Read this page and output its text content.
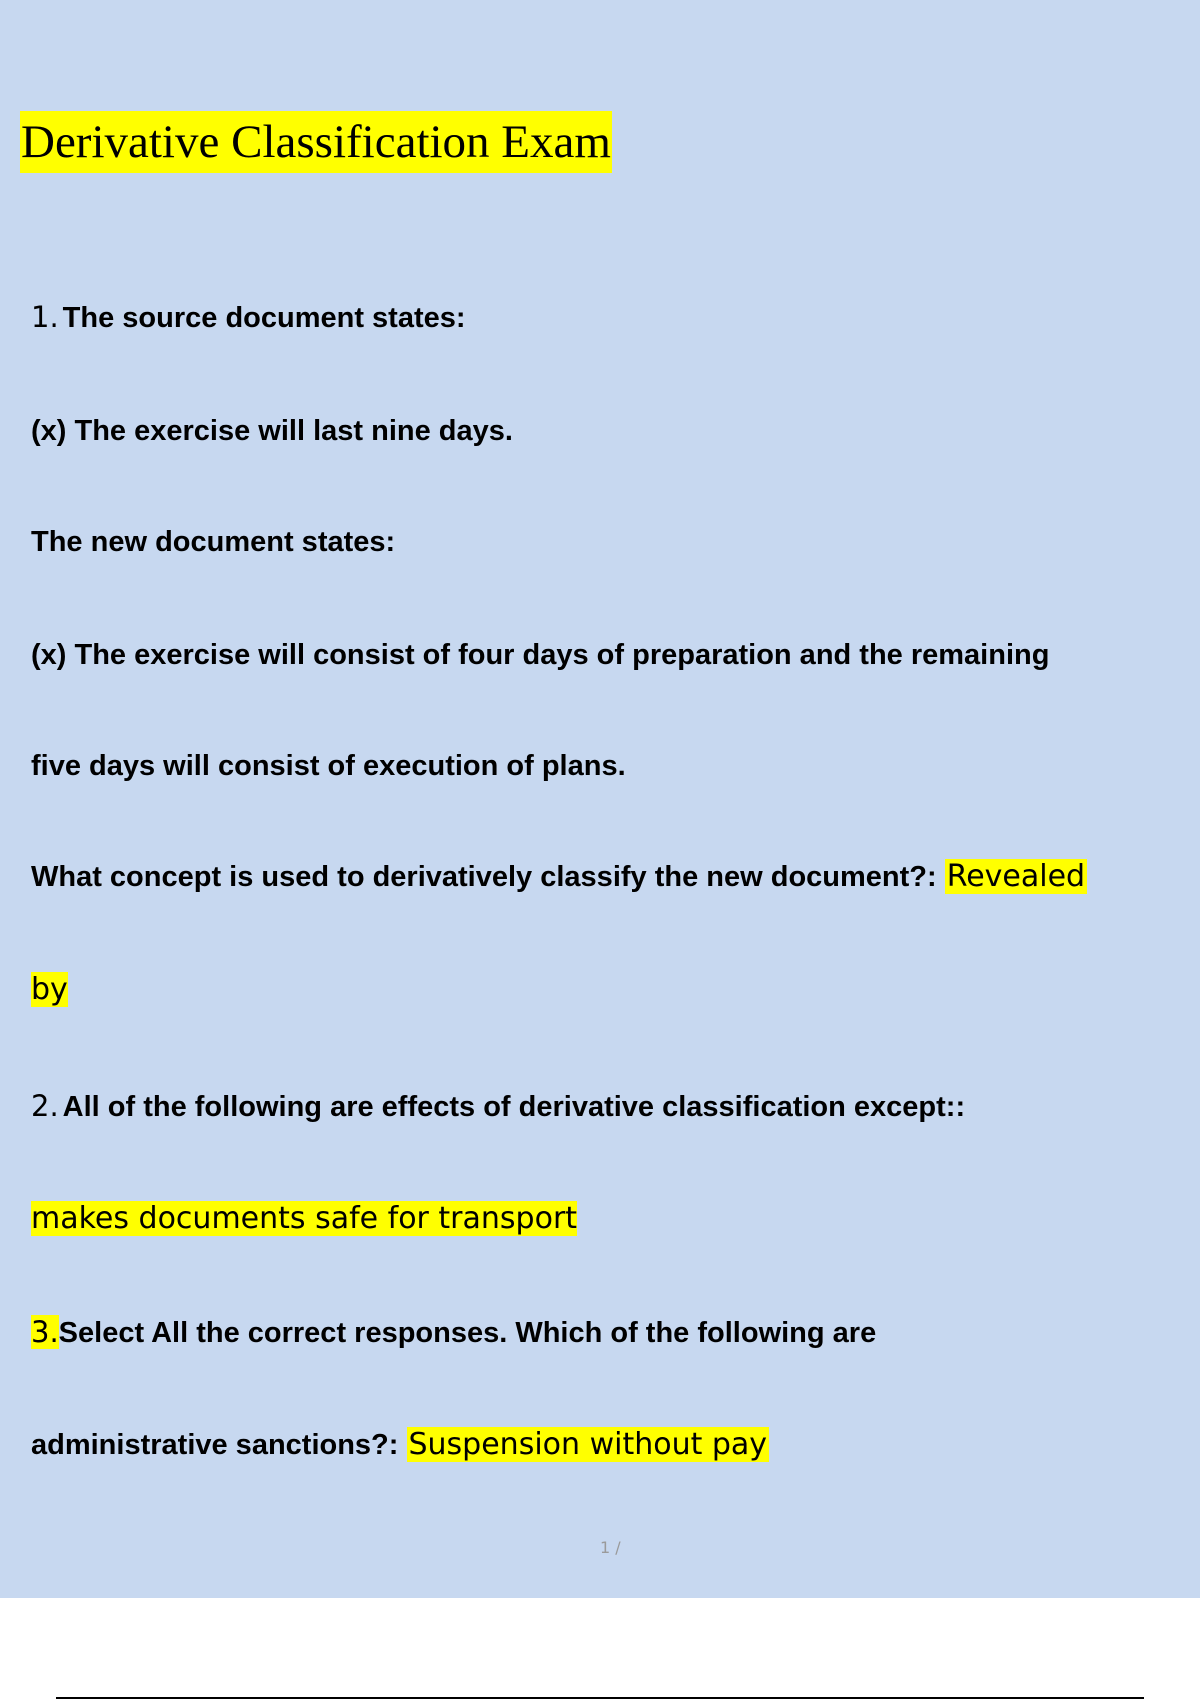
Derivative Classification Exam
1. The source document states:
(x) The exercise will last nine days.
The new document states:
(x) The exercise will consist of four days of preparation and the remaining
five days will consist of execution of plans.
What concept is used to derivatively classify the new document?: Revealed
by
2. All of the following are effects of derivative classification except::
makes documents safe for transport
3.Select All the correct responses. Which of the following are
administrative sanctions?: Suspension without pay
1 /
